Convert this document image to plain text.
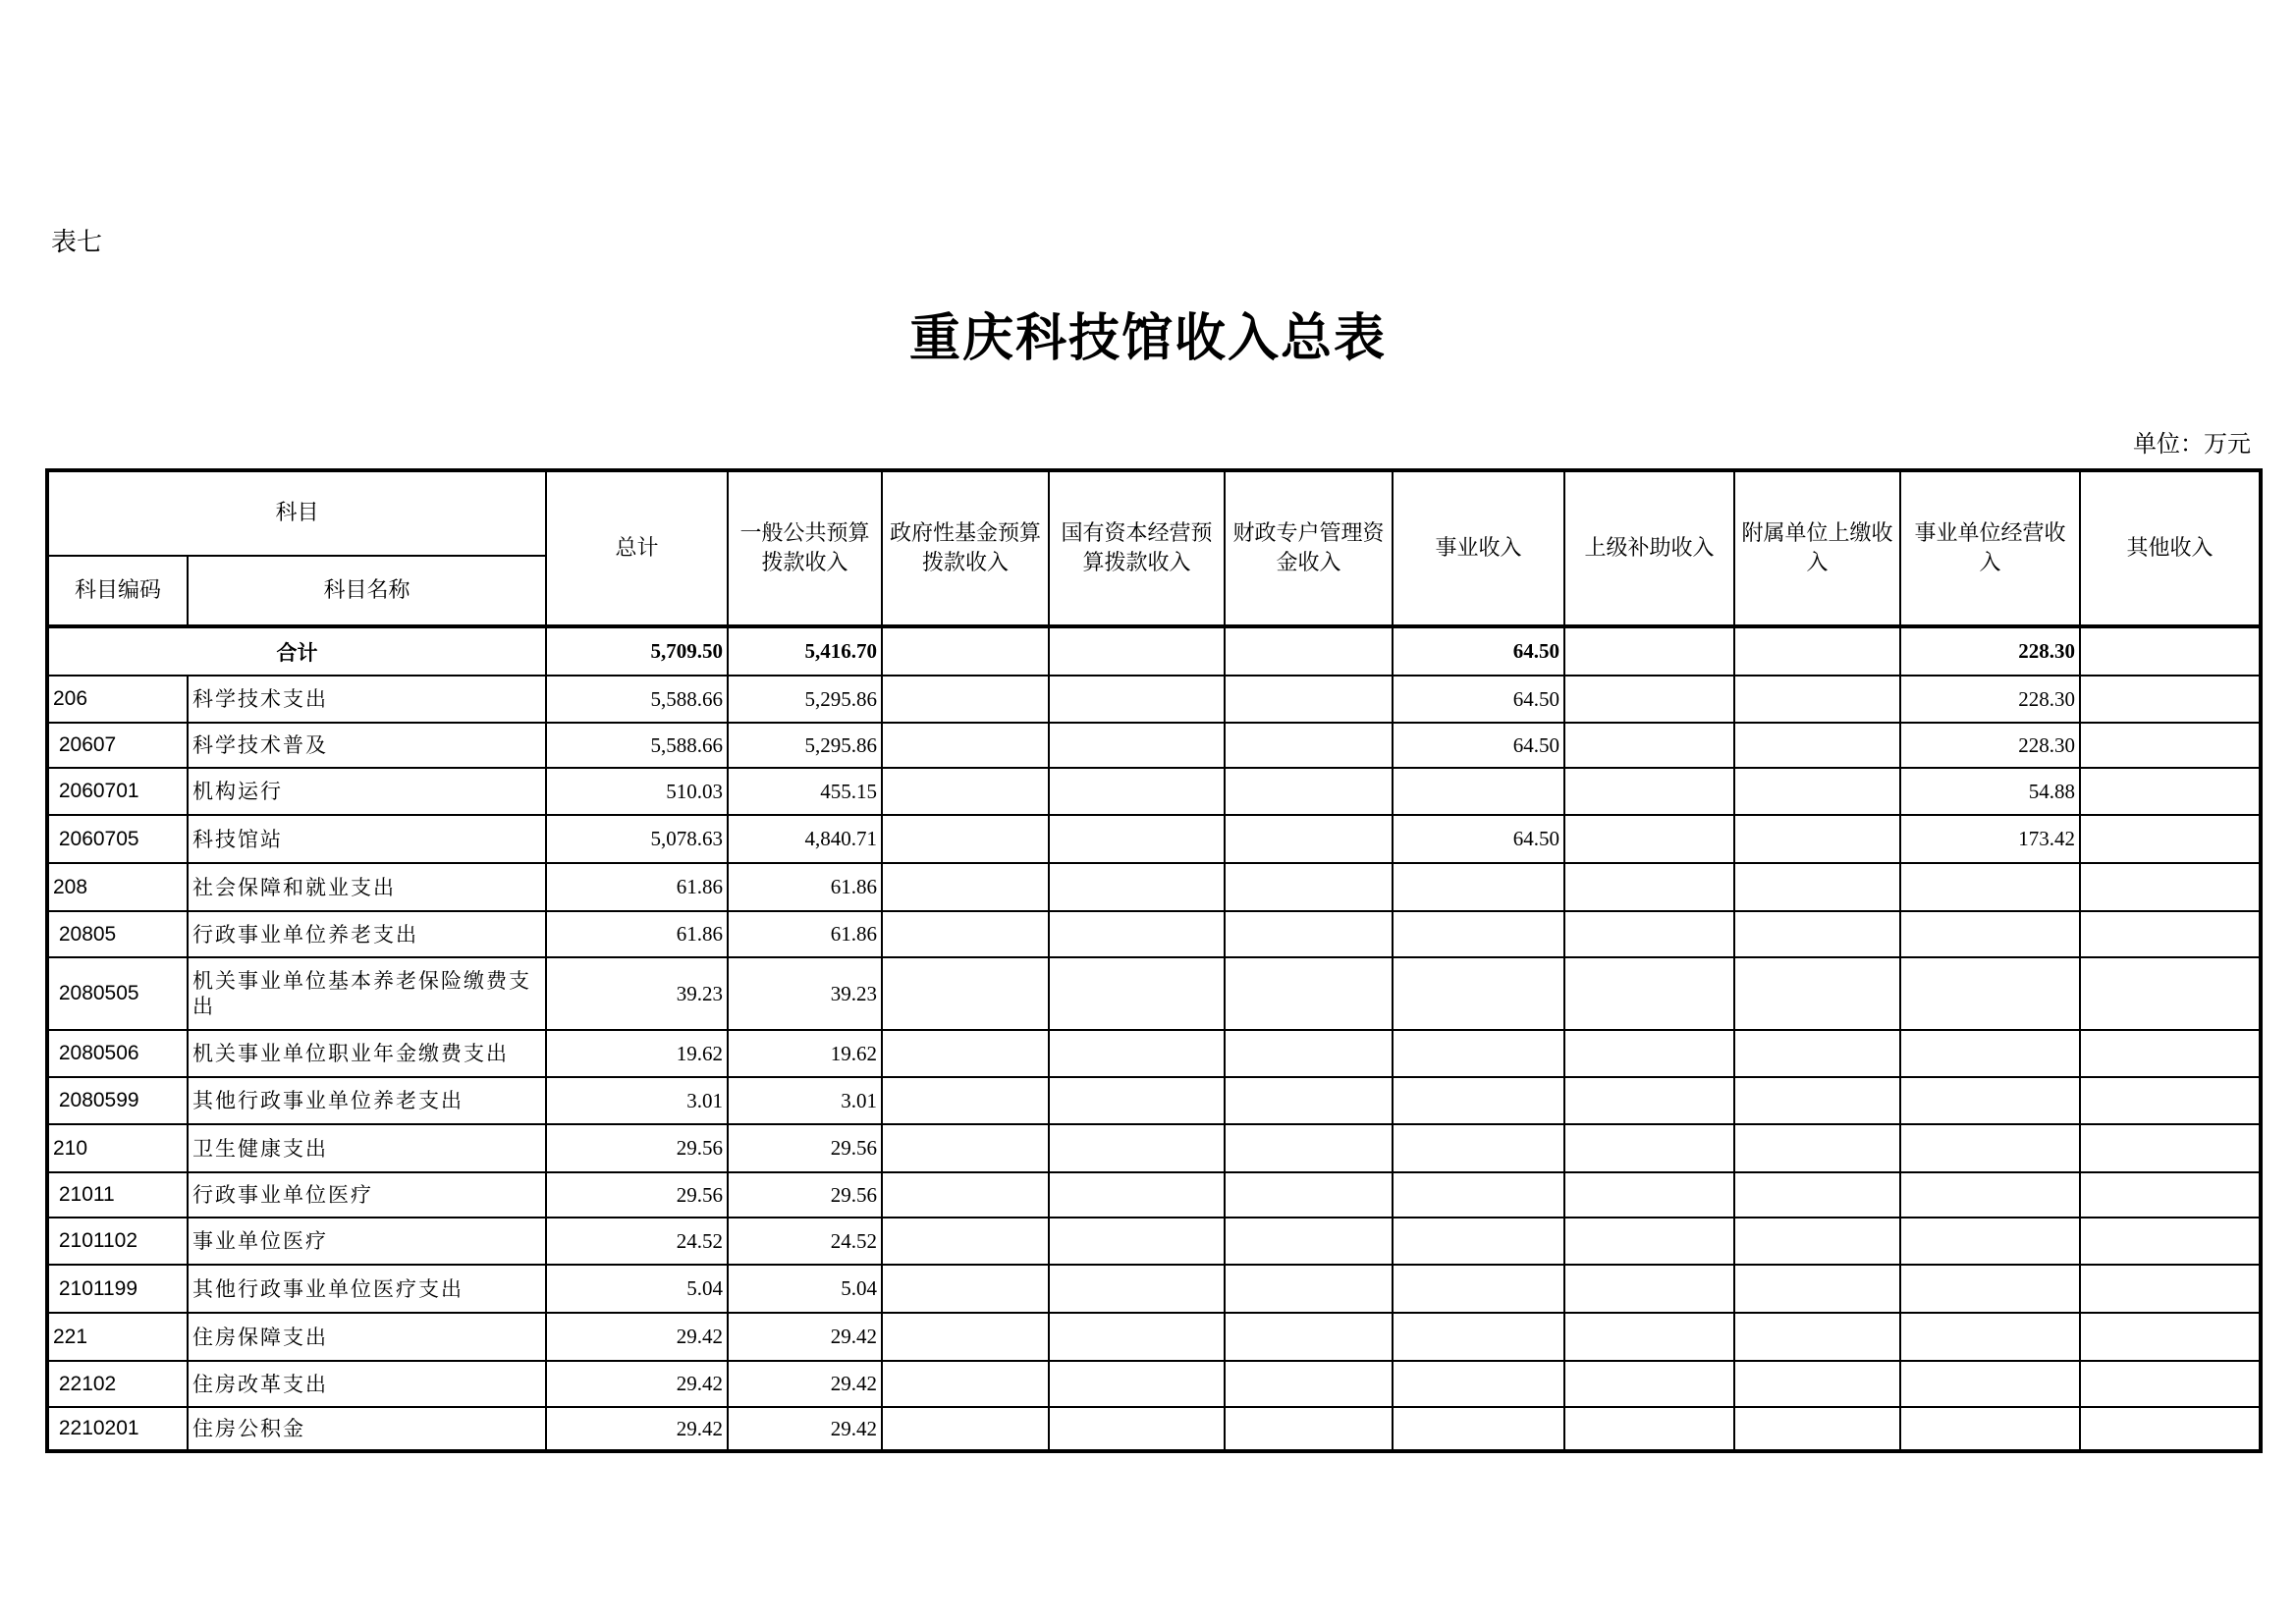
表七
重庆科技馆收入总表
单位：万元
科目		总计	一般公共预算拨款收入	政府性基金预算拨款收入	国有资本经营预算拨款收入	财政专户管理资金收入	事业收入	上级补助收入	附属单位上缴收入	事业单位经营收入	其他收入
科目编码	科目名称										
合计		5,709.50	5,416.70				64.50			228.30	
206	科学技术支出	5,588.66	5,295.86				64.50			228.30	
20607	科学技术普及	5,588.66	5,295.86				64.50			228.30	
2060701	机构运行	510.03	455.15							54.88	
2060705	科技馆站	5,078.63	4,840.71				64.50			173.42	
208	社会保障和就业支出	61.86	61.86								
20805	行政事业单位养老支出	61.86	61.86								
2080505	机关事业单位基本养老保险缴费支出	39.23	39.23								
2080506	机关事业单位职业年金缴费支出	19.62	19.62								
2080599	其他行政事业单位养老支出	3.01	3.01								
210	卫生健康支出	29.56	29.56								
21011	行政事业单位医疗	29.56	29.56								
2101102	事业单位医疗	24.52	24.52								
2101199	其他行政事业单位医疗支出	5.04	5.04								
221	住房保障支出	29.42	29.42								
22102	住房改革支出	29.42	29.42								
2210201	住房公积金	29.42	29.42								
